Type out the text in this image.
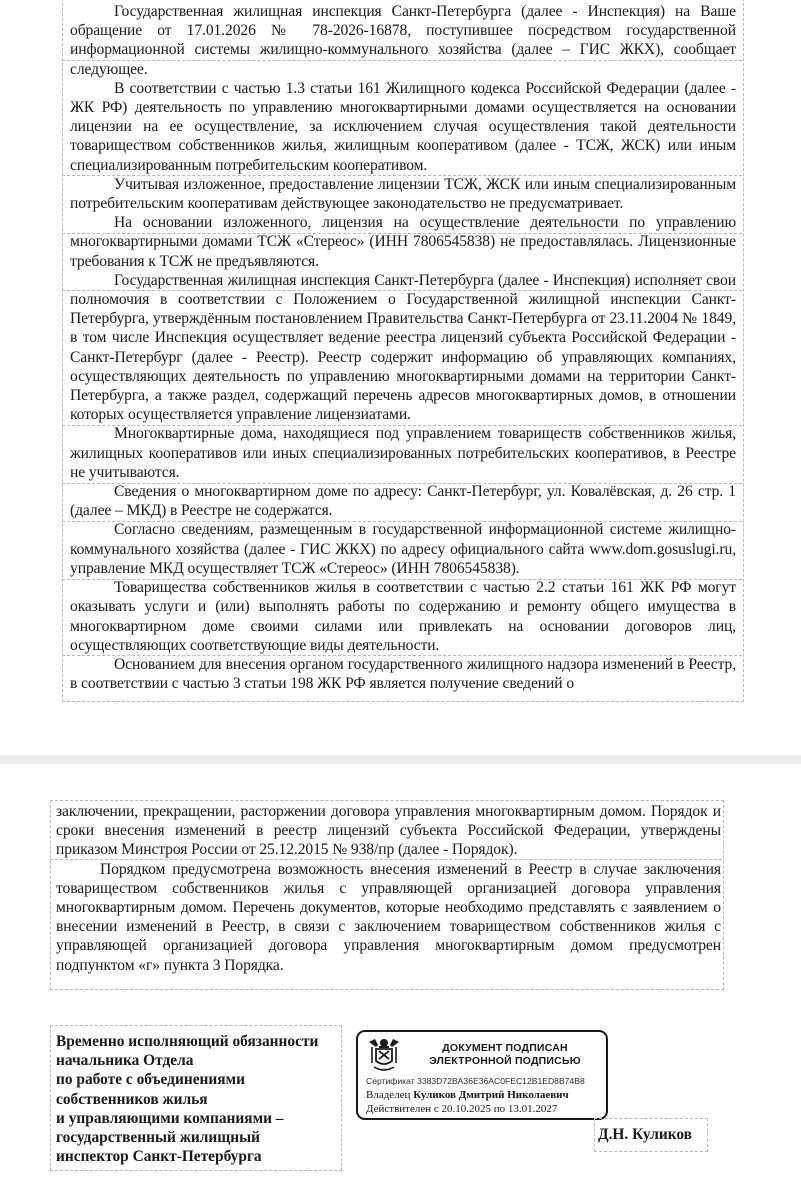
Государственная жилищная инспекция Санкт-Петербурга (далее - Инспекция) на Ваше обращение от 17.01.2026 № 78-2026-16878, поступившее посредством государственной информационной системы жилищно-коммунального хозяйства (далее – ГИС ЖКХ), сообщает следующее.

В соответствии с частью 1.3 статьи 161 Жилищного кодекса Российской Федерации (далее - ЖК РФ) деятельность по управлению многоквартирными домами осуществляется на основании лицензии на ее осуществление, за исключением случая осуществления такой деятельности товариществом собственников жилья, жилищным кооперативом (далее - ТСЖ, ЖСК) или иным специализированным потребительским кооперативом.

Учитывая изложенное, предоставление лицензии ТСЖ, ЖСК или иным специализированным потребительским кооперативам действующее законодательство не предусматривает.

На основании изложенного, лицензия на осуществление деятельности по управлению многоквартирными домами ТСЖ «Стереос» (ИНН 7806545838) не предоставлялась. Лицензионные требования к ТСЖ не предъявляются.

Государственная жилищная инспекция Санкт-Петербурга (далее - Инспекция) исполняет свои полномочия в соответствии с Положением о Государственной жилищной инспекции Санкт-Петербурга, утверждённым постановлением Правительства Санкт-Петербурга от 23.11.2004 № 1849, в том числе Инспекция осуществляет ведение реестра лицензий субъекта Российской Федерации - Санкт-Петербург (далее - Реестр). Реестр содержит информацию об управляющих компаниях, осуществляющих деятельность по управлению многоквартирными домами на территории Санкт-Петербурга, а также раздел, содержащий перечень адресов многоквартирных домов, в отношении которых осуществляется управление лицензиатами.

Многоквартирные дома, находящиеся под управлением товариществ собственников жилья, жилищных кооперативов или иных специализированных потребительских кооперативов, в Реестре не учитываются.

Сведения о многоквартирном доме по адресу: Санкт-Петербург, ул. Ковалёвская, д. 26 стр. 1 (далее – МКД) в Реестре не содержатся.

Согласно сведениям, размещенным в государственной информационной системе жилищно-коммунального хозяйства (далее - ГИС ЖКХ) по адресу официального сайта www.dom.gosuslugi.ru, управление МКД осуществляет ТСЖ «Стереос» (ИНН 7806545838).

Товарищества собственников жилья в соответствии с частью 2.2 статьи 161 ЖК РФ могут оказывать услуги и (или) выполнять работы по содержанию и ремонту общего имущества в многоквартирном доме своими силами или привлекать на основании договоров лиц, осуществляющих соответствующие виды деятельности.

Основанием для внесения органом государственного жилищного надзора изменений в Реестр, в соответствии с частью 3 статьи 198 ЖК РФ является получение сведений о

заключении, прекращении, расторжении договора управления многоквартирным домом. Порядок и сроки внесения изменений в реестр лицензий субъекта Российской Федерации, утверждены приказом Минстроя России от 25.12.2015 № 938/пр (далее - Порядок).

Порядком предусмотрена возможность внесения изменений в Реестр в случае заключения товариществом собственников жилья с управляющей организацией договора управления многоквартирным домом. Перечень документов, которые необходимо представлять с заявлением о внесении изменений в Реестр, в связи с заключением товариществом собственников жилья с управляющей организацией договора управления многоквартирным домом предусмотрен подпунктом «г» пункта 3 Порядка.

Временно исполняющий обязанности
начальника Отдела
по работе с объединениями
собственников жилья
и управляющими компаниями –
государственный жилищный
инспектор Санкт-Петербурга
ES
ДОКУМЕНТ ПОДПИСАН
ЭЛЕКТРОННОЙ ПОДПИСЬЮ
Сертификат 3383D72BA36E36AC0FEC12B1ED8B74B8
Владелец Куликов Дмитрий Николаевич
Действителен с 20.10.2025 по 13.01.2027
Д.Н. Куликов
